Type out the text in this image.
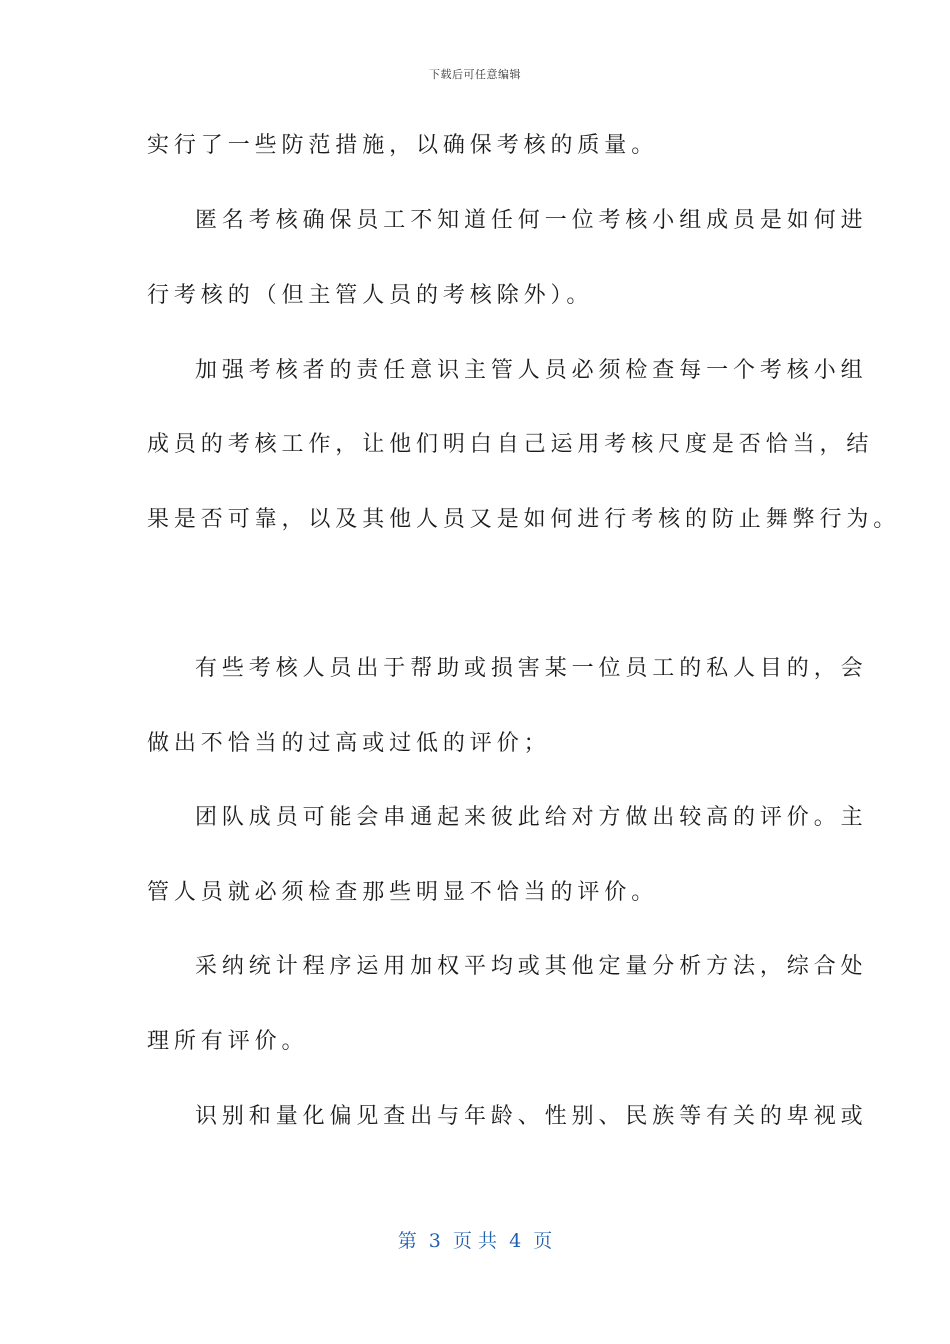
下载后可任意编辑
实行了一些防范措施，以确保考核的质量。
匿名考核确保员工不知道任何一位考核小组成员是如何进
行考核的（但主管人员的考核除外）。
加强考核者的责任意识主管人员必须检查每一个考核小组
成员的考核工作，让他们明白自己运用考核尺度是否恰当，结
果是否可靠，以及其他人员又是如何进行考核的防止舞弊行为。
有些考核人员出于帮助或损害某一位员工的私人目的，会
做出不恰当的过高或过低的评价；
团队成员可能会串通起来彼此给对方做出较高的评价。主
管人员就必须检查那些明显不恰当的评价。
采纳统计程序运用加权平均或其他定量分析方法，综合处
理所有评价。
识别和量化偏见查出与年龄、性别、民族等有关的卑视或
第  3  页 共  4  页
